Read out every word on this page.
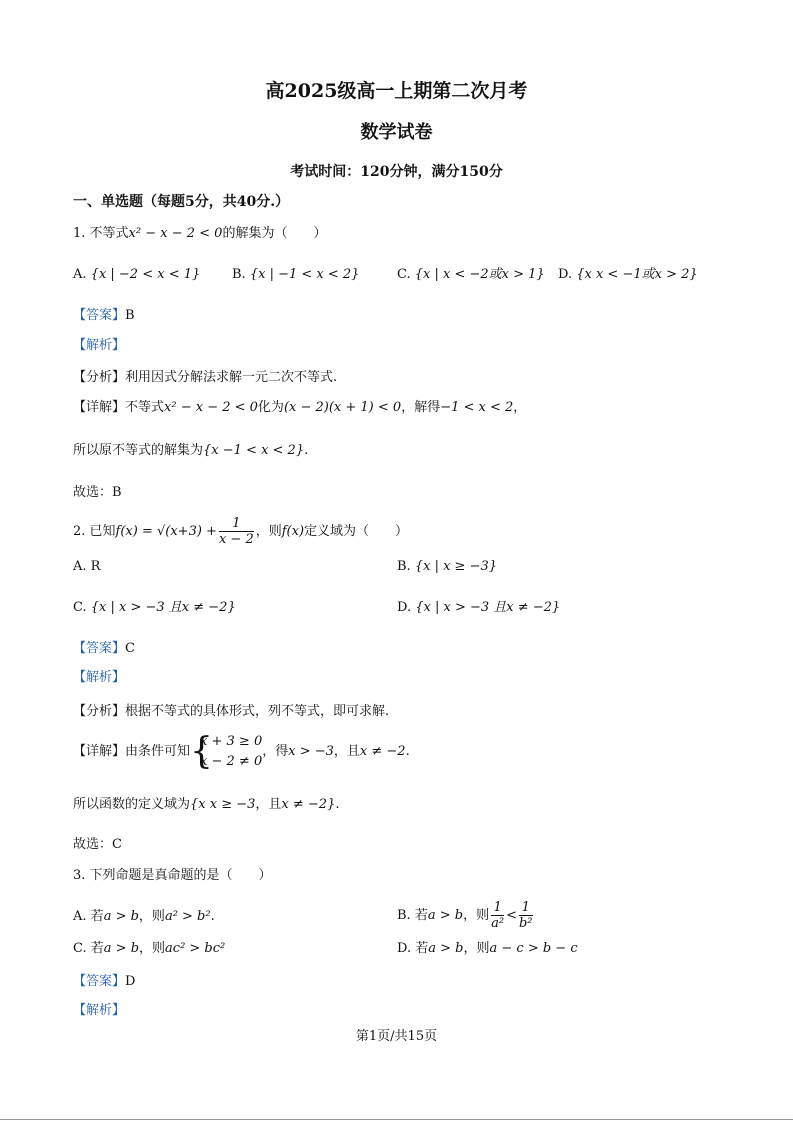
高2025级高一上期第二次月考
数学试卷
考试时间：120分钟，满分150分
一、单选题（每题5分，共40分.）
1. 不等式x² − x − 2 < 0的解集为（　　）
A. {x | −2 < x < 1} B. {x | −1 < x < 2}	C. {x | x < −2或x > 1} D. {x x < −1或x > 2}
【答案】B
【解析】
【分析】利用因式分解法求解一元二次不等式.
【详解】不等式x² − x − 2 < 0化为(x − 2)(x + 1) < 0，解得−1 < x < 2，
所以原不等式的解集为{x −1 < x < 2}.
故选：B
2. 已知$f(x) = √(x+3) + \frac{1}{x - 2}$ ，则f(x)定义域为（　　）
A. R	B. {x | x ≥ −3}
C. {x | x > −3 且x ≠ −2}	D. {x | x > −3 且x ≠ −2}
【答案】C
【解析】
【分析】根据不等式的具体形式，列不等式，即可求解.
【详解】由条件可知 {
x + 3 ≥ 0
x − 2 ≠ 0
，得x > −3，且x ≠ −2.
所以函数的定义域为{x x ≥ −3，且x ≠ −2}.
故选：C
3. 下列命题是真命题的是（　　）
A. 若a > b，则a² > b².	B. 若a > b，则 $\frac{1}{\text{a²}} < \frac{1}{\text{b²}}$
C. 若a > b，则ac² > bc²	D. 若a > b，则a − c > b − c
【答案】D
【解析】
第1页/共15页
